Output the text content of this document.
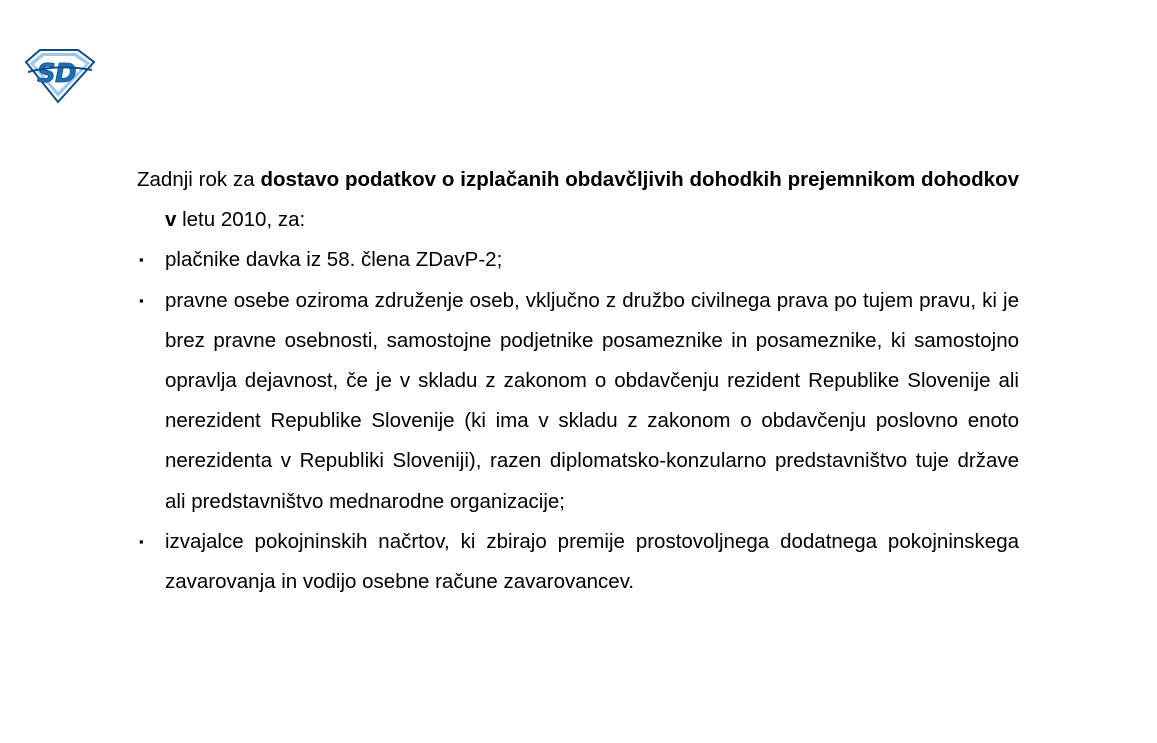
S D

Zadnji rok za dostavo podatkov o izplačanih obdavčljivih dohodkih prejemnikom dohodkov v letu 2010, za:

▪ plačnike davka iz 58. člena ZDavP-2;
▪ pravne osebe oziroma združenje oseb, vključno z družbo civilnega prava po tujem pravu, ki je brez pravne osebnosti, samostojne podjetnike posameznike in posameznike, ki samostojno opravlja dejavnost, če je v skladu z zakonom o obdavčenju rezident Republike Slovenije ali nerezident Republike Slovenije (ki ima v skladu z zakonom o obdavčenju poslovno enoto nerezidenta v Republiki Sloveniji), razen diplomatsko-konzularno predstavništvo tuje države ali predstavništvo mednarodne organizacije;
▪ izvajalce pokojninskih načrtov, ki zbirajo premije prostovoljnega dodatnega pokojninskega zavarovanja in vodijo osebne račune zavarovancev.
